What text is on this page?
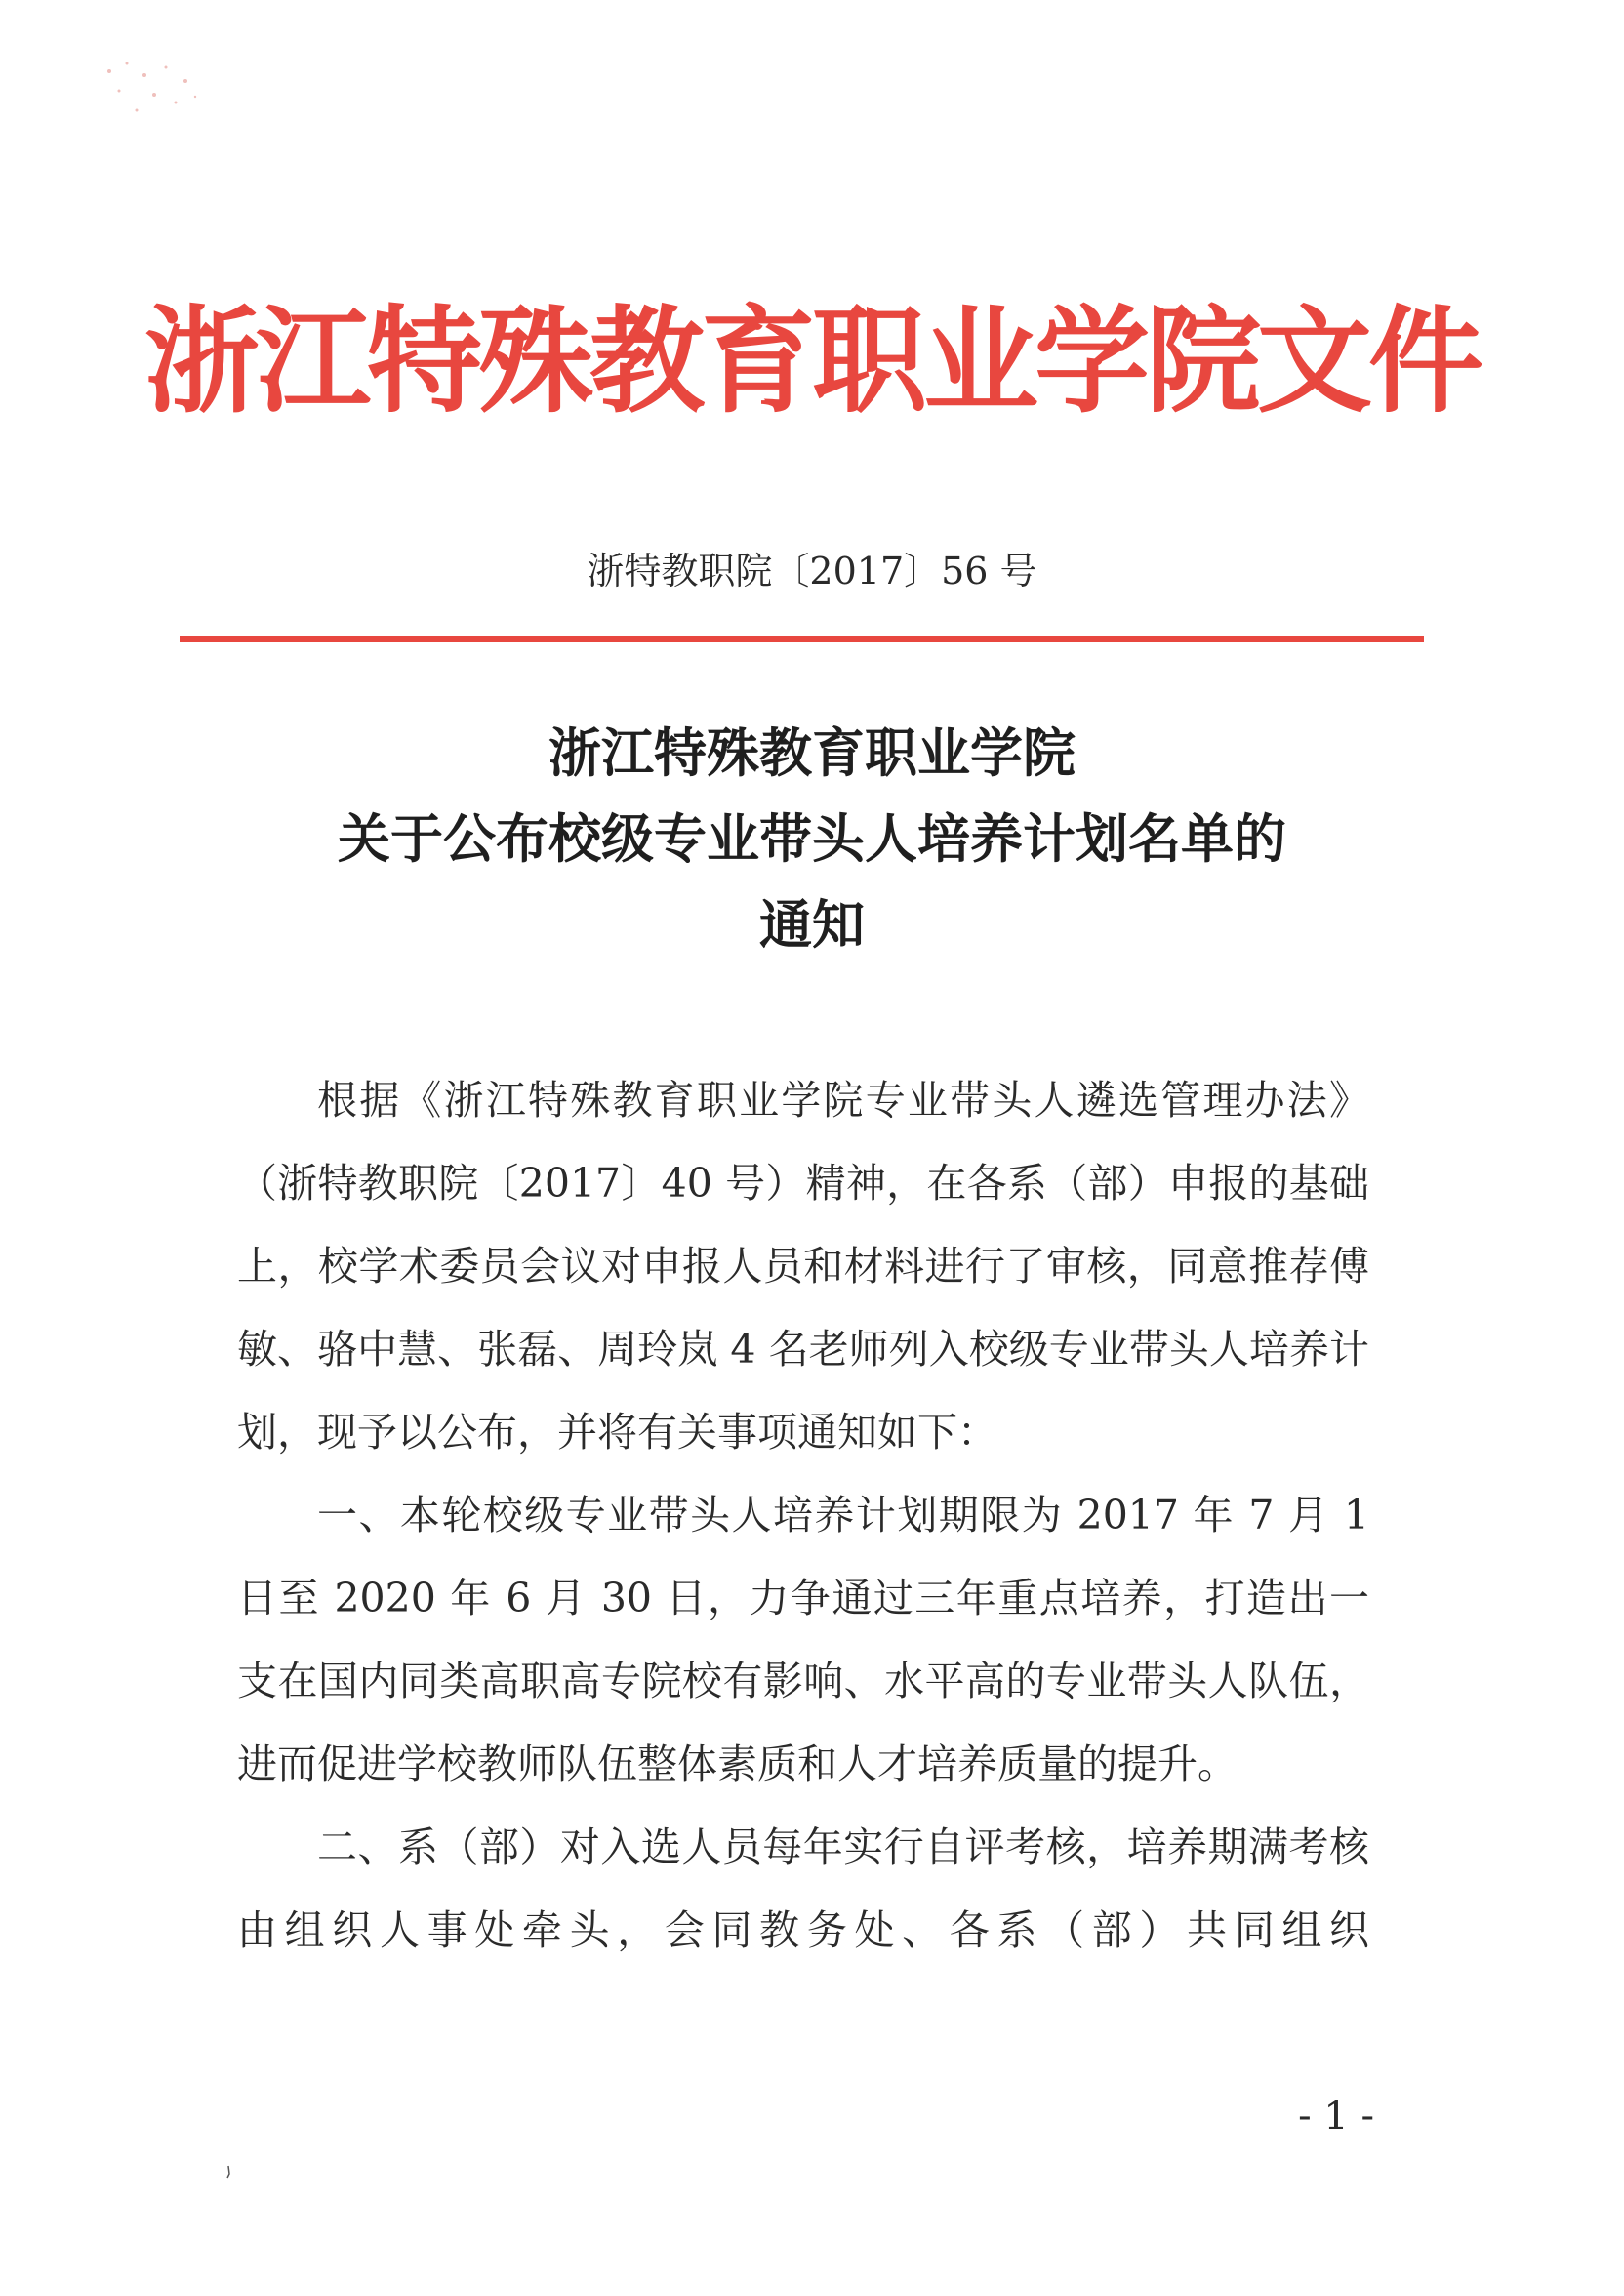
浙江特殊教育职业学院文件
浙特教职院〔2017〕56 号
浙江特殊教育职业学院
关于公布校级专业带头人培养计划名单的
通知

根据《浙江特殊教育职业学院专业带头人遴选管理办法》（浙特教职院〔2017〕40 号）精神，在各系（部）申报的基础上，校学术委员会议对申报人员和材料进行了审核，同意推荐傅敏、骆中慧、张磊、周玲岚 4 名老师列入校级专业带头人培养计划，现予以公布，并将有关事项通知如下：

一、本轮校级专业带头人培养计划期限为 2017 年 7 月 1 日至 2020 年 6 月 30 日，力争通过三年重点培养，打造出一支在国内同类高职高专院校有影响、水平高的专业带头人队伍，进而促进学校教师队伍整体素质和人才培养质量的提升。

二、系（部）对入选人员每年实行自评考核，培养期满考核由组织人事处牵头，会同教务处、各系（部）共同组织

- 1 -
